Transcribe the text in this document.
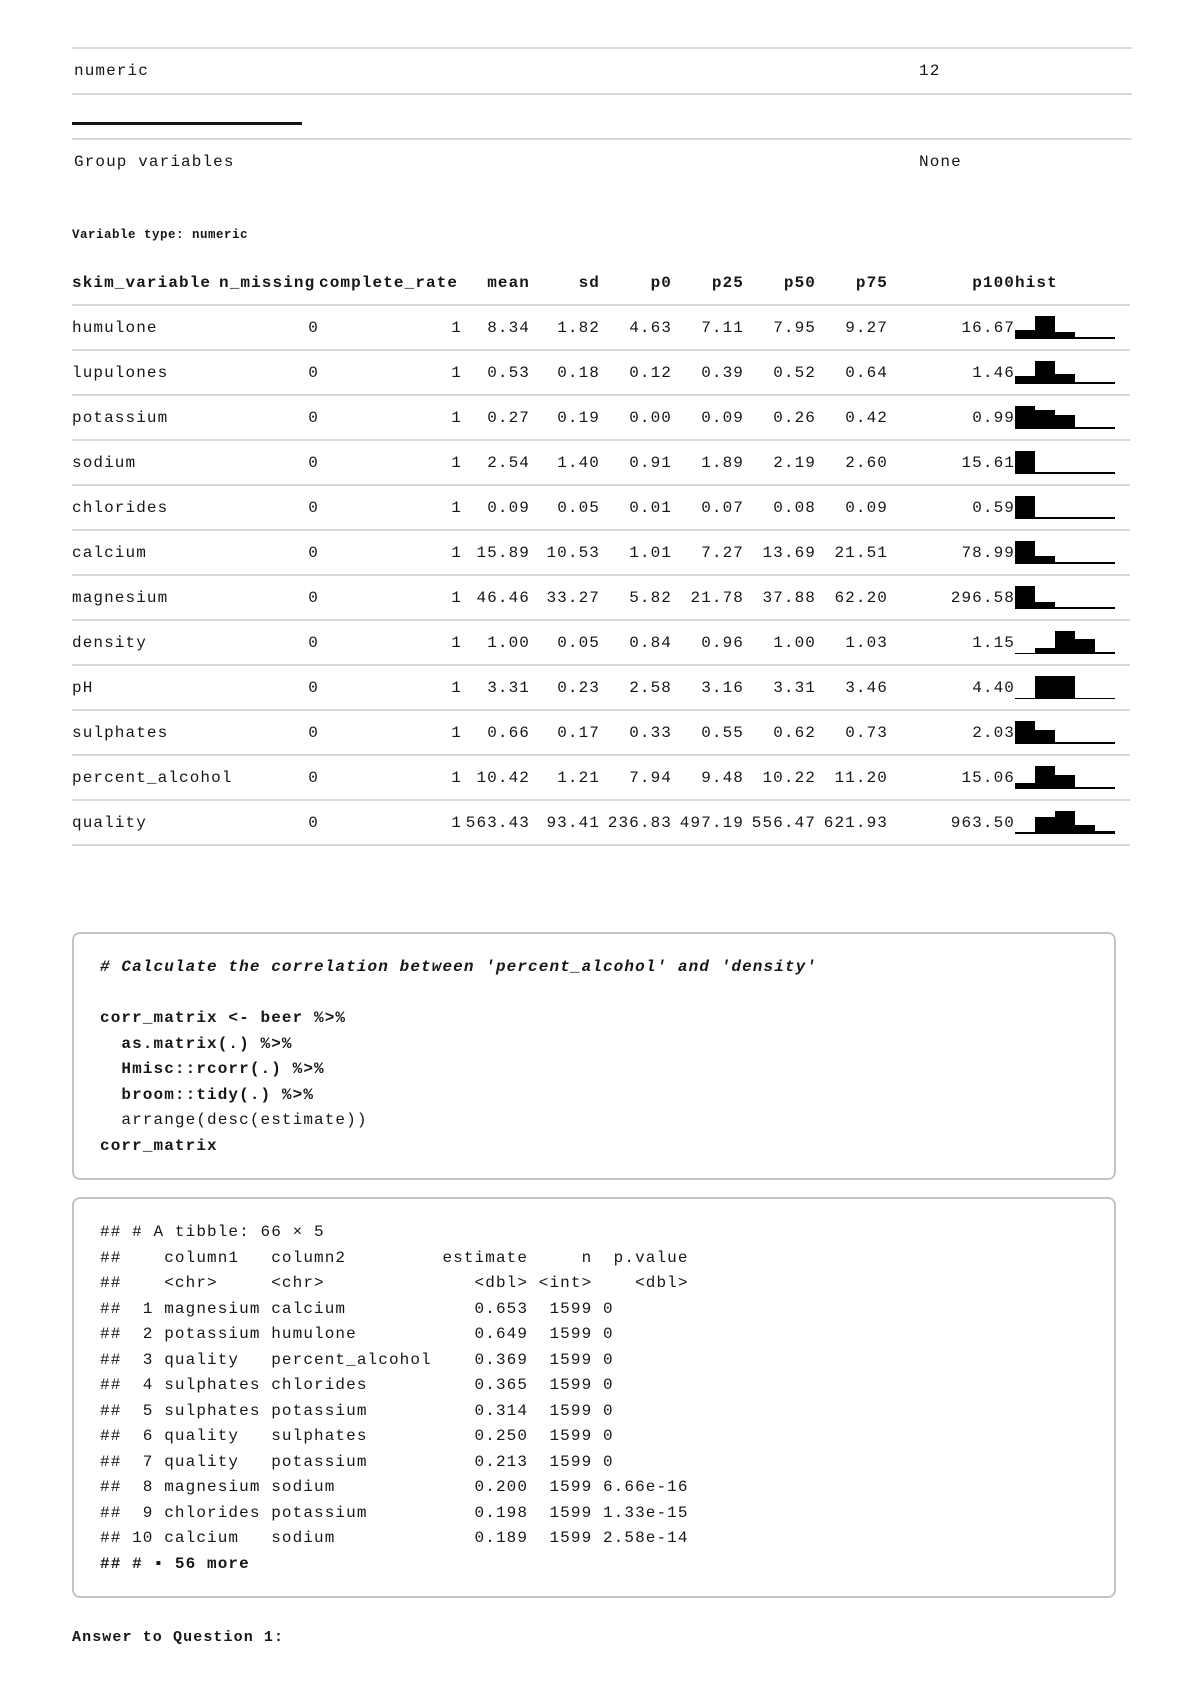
numeric	12
Group variables	None
Variable type: numeric
skim_variable	n_missing	complete_rate	mean	sd	p0	p25	p50	p75	p100	hist
humulone	0	1	8.34	1.82	4.63	7.11	7.95	9.27	16.67	

lupulones	0	1	0.53	0.18	0.12	0.39	0.52	0.64	1.46	

potassium	0	1	0.27	0.19	0.00	0.09	0.26	0.42	0.99	

sodium	0	1	2.54	1.40	0.91	1.89	2.19	2.60	15.61	

chlorides	0	1	0.09	0.05	0.01	0.07	0.08	0.09	0.59	

calcium	0	1	15.89	10.53	1.01	7.27	13.69	21.51	78.99	

magnesium	0	1	46.46	33.27	5.82	21.78	37.88	62.20	296.58	

density	0	1	1.00	0.05	0.84	0.96	1.00	1.03	1.15	

pH	0	1	3.31	0.23	2.58	3.16	3.31	3.46	4.40	

sulphates	0	1	0.66	0.17	0.33	0.55	0.62	0.73	2.03	

percent_alcohol	0	1	10.42	1.21	7.94	9.48	10.22	11.20	15.06	

quality	0	1	563.43	93.41	236.83	497.19	556.47	621.93	963.50	
# Calculate the correlation between 'percent_alcohol' and 'density'

corr_matrix <- beer %>%
as.matrix(.) %>%
Hmisc::rcorr(.) %>%
broom::tidy(.) %>%
arrange(desc(estimate))
corr_matrix
## # A tibble: 66 × 5
##    column1   column2         estimate     n  p.value
##    <chr>     <chr>              <dbl> <int>    <dbl>
##  1 magnesium calcium            0.653  1599 0
##  2 potassium humulone           0.649  1599 0
##  3 quality   percent_alcohol    0.369  1599 0
##  4 sulphates chlorides          0.365  1599 0
##  5 sulphates potassium          0.314  1599 0
##  6 quality   sulphates          0.250  1599 0
##  7 quality   potassium          0.213  1599 0
##  8 magnesium sodium             0.200  1599 6.66e-16
##  9 chlorides potassium          0.198  1599 1.33e-15
## 10 calcium   sodium             0.189  1599 2.58e-14
## # ▪ 56 more
Answer to Question 1:
